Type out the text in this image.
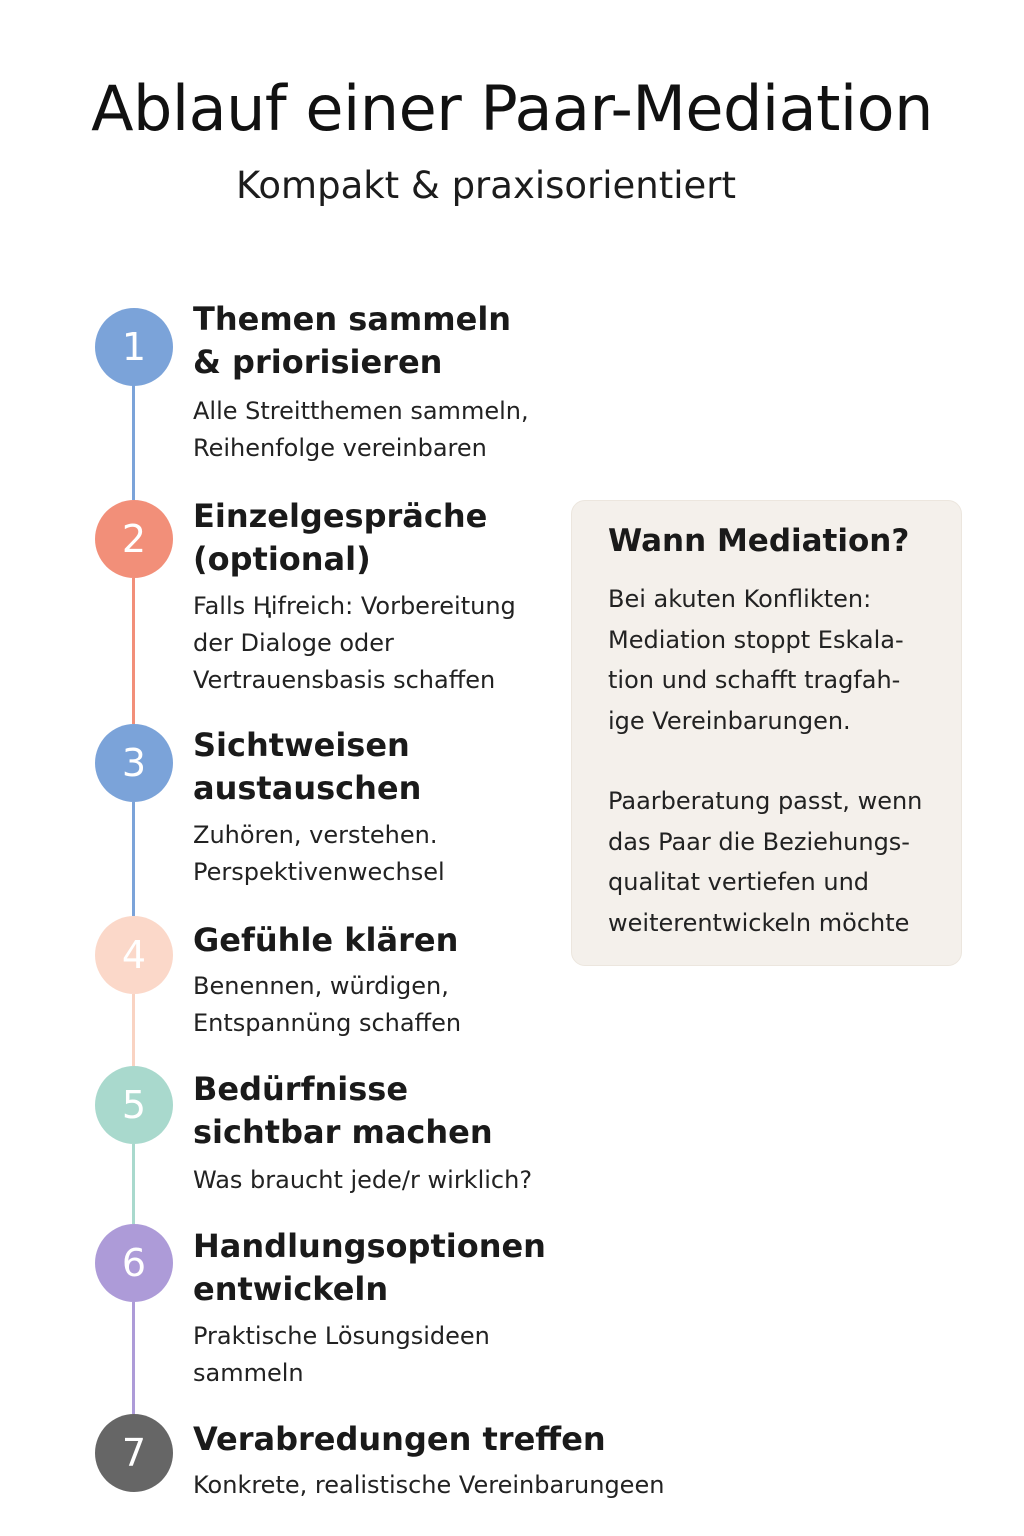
Ablauf einer Paar-Mediation
Kompakt & praxisorientiert
1
Themen sammeln
& priorisieren
Alle Streitthemen sammeln,
Reihenfolge vereinbaren
2
Einzelgespräche
(optional)
Falls Ⱨifreich: Vorbereitung
der Dialoge oder
Vertrauensbasis schaffen
3 Sichtweisen
austauschen
Zuhören, verstehen.
Perspektivenwechsel
4 Gefühle klären
Benennen, würdigen,
Entspannüng schaffen
5 Bedürfnisse
sichtbar machen
Was braucht jede/r wirklich?
6 Handlungsoptionen
entwickeln
Praktische Lösungsideen
sammeln
7 Verabredungen treffen
Konkrete, realistische Vereinbarungeen
Wann Mediation?
Bei akuten Konflikten:
Mediation stoppt Eskala-
tion und schafft tragfah-
ige Vereinbarungen.
Paarberatung passt, wenn
das Paar die Beziehungs-
qualitat vertiefen und
weiterentwickeln möchte
